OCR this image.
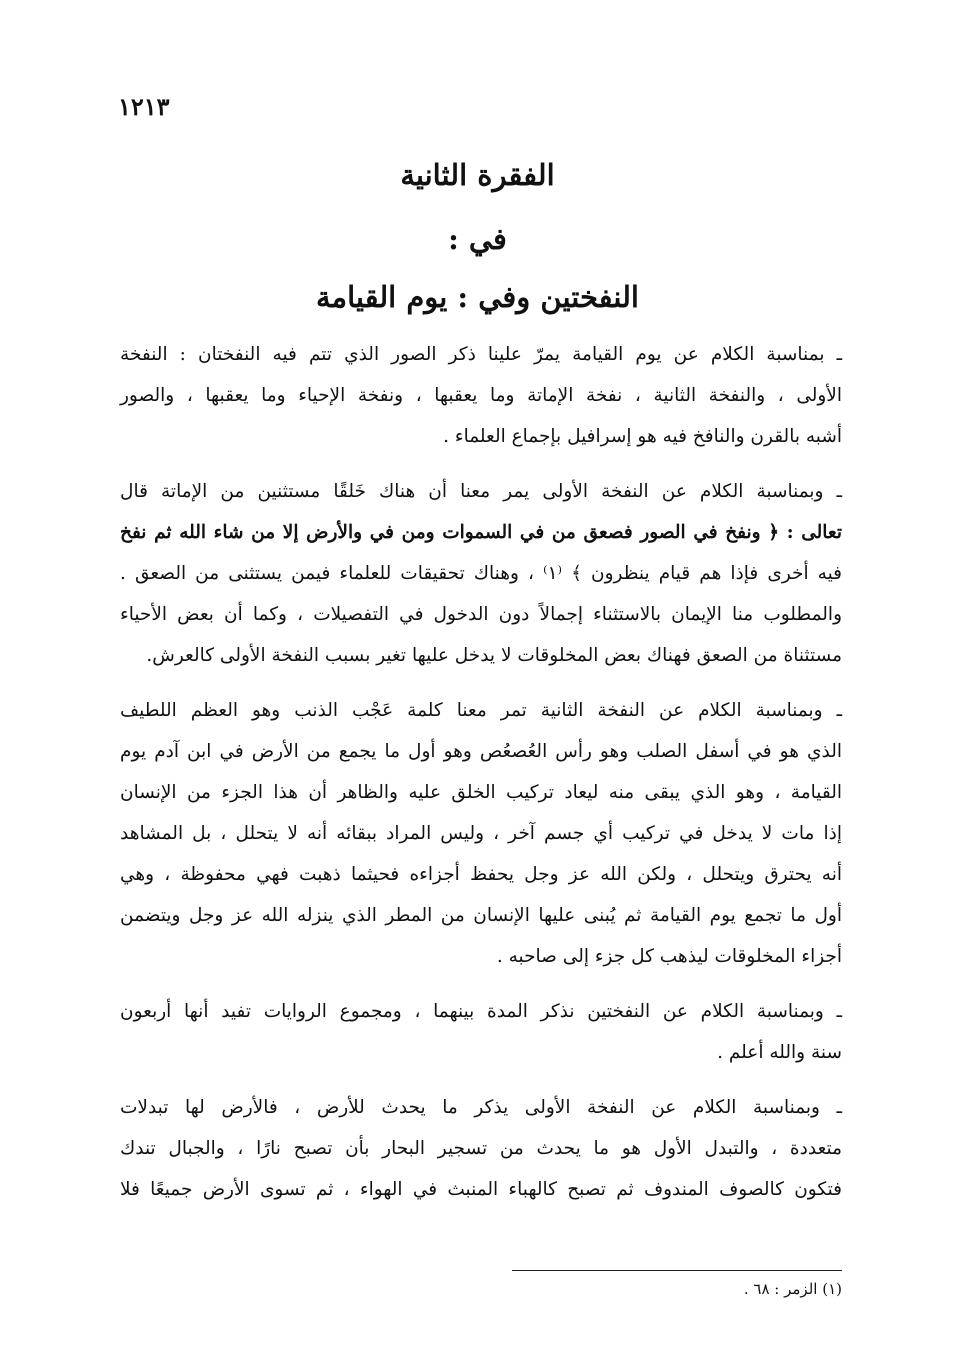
١٢١٣
الفقرة الثانية
في :
النفختين وفي : يوم القيامة
ـ بمناسبة الكلام عن يوم القيامة يمرّ علينا ذكر الصور الذي تتم فيه النفختان : النفخة
الأولى ، والنفخة الثانية ، نفخة الإماتة وما يعقبها ، ونفخة الإحياء وما يعقبها ، والصور
أشبه بالقرن والنافخ فيه هو إسرافيل بإجماع العلماء .
ـ وبمناسبة الكلام عن النفخة الأولى يمر معنا أن هناك خَلقًا مستثنين من الإماتة قال
تعالى : ﴿ ونفخ في الصور فصعق من في السموات ومن في والأرض إلا من شاء الله ثم نفخ
فيه أخرى فإذا هم قيام ينظرون ﴾ ⁽١⁾ ، وهناك تحقيقات للعلماء فيمن يستثنى من الصعق .
والمطلوب منا الإيمان بالاستثناء إجمالاً دون الدخول في التفصيلات ، وكما أن بعض الأحياء
مستثناة من الصعق فهناك بعض المخلوقات لا يدخل عليها تغير بسبب النفخة الأولى كالعرش.
ـ وبمناسبة الكلام عن النفخة الثانية تمر معنا كلمة عَجْب الذنب وهو العظم اللطيف
الذي هو في أسفل الصلب وهو رأس العُصعُص وهو أول ما يجمع من الأرض في ابن آدم يوم
القيامة ، وهو الذي يبقى منه ليعاد تركيب الخلق عليه والظاهر أن هذا الجزء من الإنسان
إذا مات لا يدخل في تركيب أي جسم آخر ، وليس المراد ببقائه أنه لا يتحلل ، بل المشاهد
أنه يحترق ويتحلل ، ولكن الله عز وجل يحفظ أجزاءه فحيثما ذهبت فهي محفوظة ، وهي
أول ما تجمع يوم القيامة ثم يُبنى عليها الإنسان من المطر الذي ينزله الله عز وجل ويتضمن
أجزاء المخلوقات ليذهب كل جزء إلى صاحبه .
ـ وبمناسبة الكلام عن النفختين نذكر المدة بينهما ، ومجموع الروايات تفيد أنها أربعون
سنة والله أعلم .
ـ وبمناسبة الكلام عن النفخة الأولى يذكر ما يحدث للأرض ، فالأرض لها تبدلات
متعددة ، والتبدل الأول هو ما يحدث من تسجير البحار بأن تصبح نارًا ، والجبال تندك
فتكون كالصوف المندوف ثم تصبح كالهباء المنبث في الهواء ، ثم تسوى الأرض جميعًا فلا
(١) الزمر : ٦٨ .
